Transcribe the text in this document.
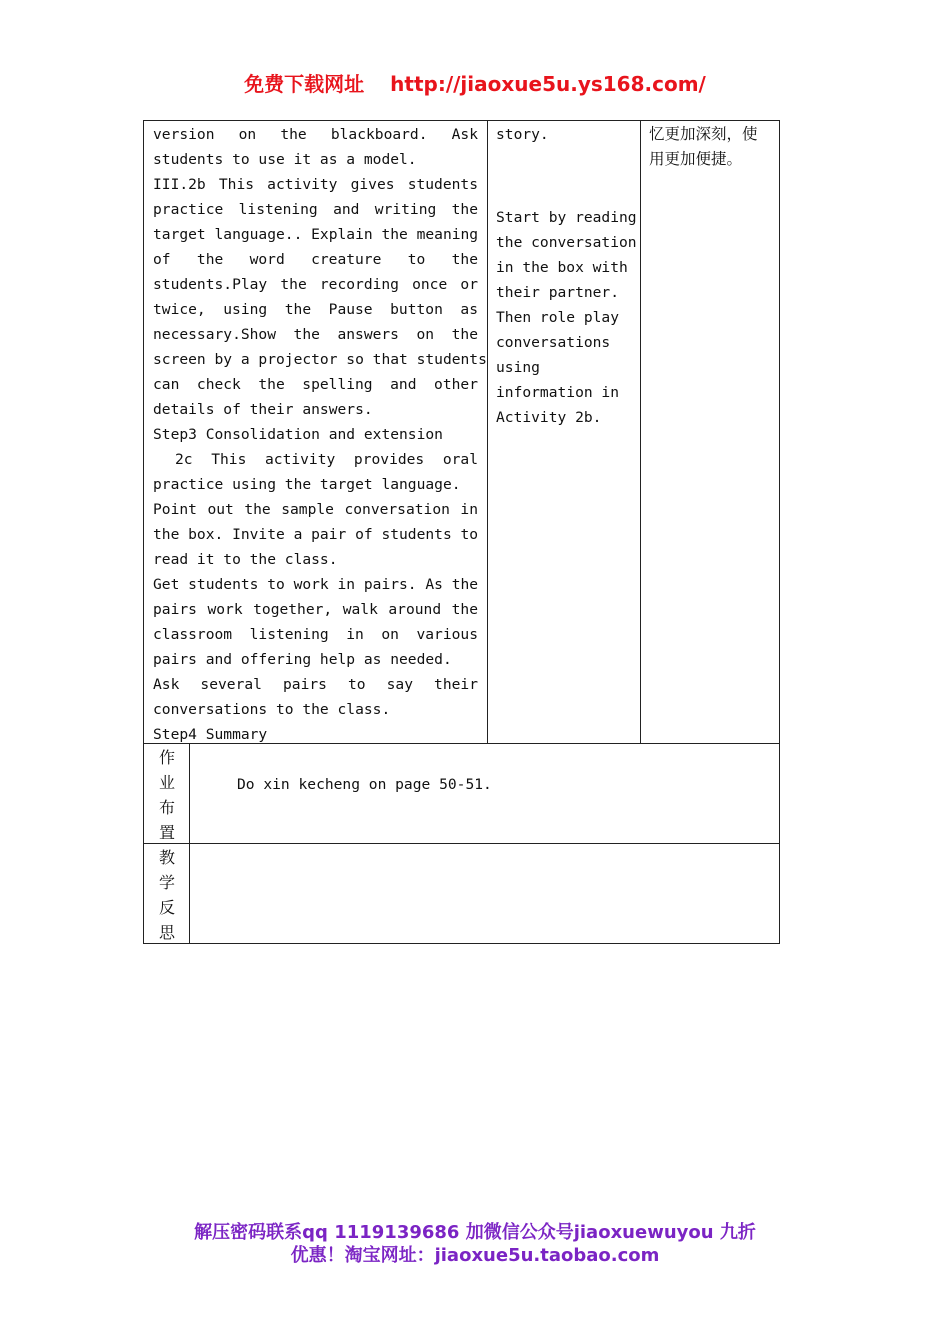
免费下载网址 http://jiaoxue5u.ys168.com/
version on the blackboard. Ask
students to use it as a model.
III.2b This activity gives students
practice listening and writing the
target language.. Explain the meaning
of the word creature to the
students.Play the recording once or
twice, using the Pause button as
necessary.Show the answers on the
screen by a projector so that students
can check the spelling and other
details of their answers.
Step3 Consolidation and extension
2c This activity provides oral
practice using the target language.
Point out the sample conversation in
the box. Invite a pair of students to
read it to the class.
Get students to work in pairs. As the
pairs work together, walk around the
classroom listening in on various
pairs and offering help as needed.
Ask several pairs to say their
conversations to the class.
Step4 Summary
story.
Start by reading
the conversation
in the box with
their partner.
Then role play
conversations
using
information in
Activity 2b.
忆更加深刻，使
用更加便捷。
作
业
布
置
Do xin kecheng on page 50-51.
教
学
反
思
解压密码联系qq 1119139686 加微信公众号jiaoxuewuyou 九折
优惠！淘宝网址：jiaoxue5u.taobao.com
